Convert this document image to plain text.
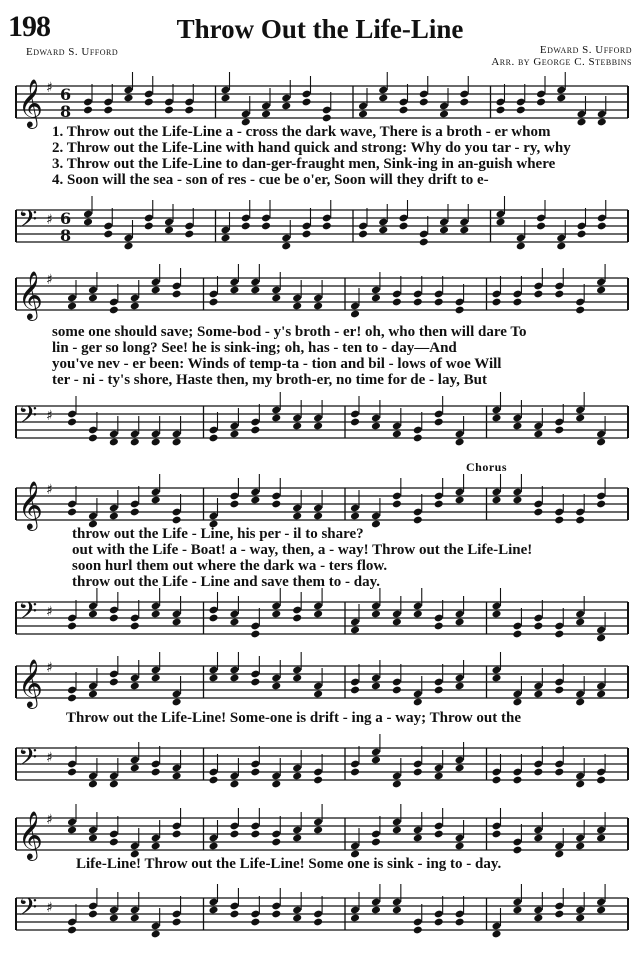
198	Throw Out the Life-Line
Edward S. Ufford	Edward S. Ufford
Arr. by George C. Stebbins
𝄞 ♯ 6
8
1. Throw out the Life-Line a - cross the dark wave, There is a broth - er whom
2. Throw out the Life-Line with hand quick and strong: Why do you tar - ry, why
3. Throw out the Life-Line to dan-ger-fraught men, Sink-ing in an-guish where
4. Soon will the sea - son of res - cue be o'er, Soon will they drift to e-
𝄢 ♯ 6
8
𝄞 ♯
some one should save; Some-bod - y's broth - er! oh, who then will dare To
lin - ger so long? See! he is sink-ing; oh, has - ten to - day—And
you've nev - er been: Winds of temp-ta - tion and bil - lows of woe Will
ter - ni - ty's shore, Haste then, my broth-er, no time for de - lay, But
𝄢 ♯
Chorus
𝄞 ♯
throw out the Life - Line, his per - il to share?
out with the Life - Boat! a - way, then, a - way! Throw out the Life-Line!
soon hurl them out where the dark wa - ters flow.
throw out the Life - Line and save them to - day.
𝄢 ♯
𝄞 ♯
Throw out the Life-Line! Some-one is drift - ing a - way; Throw out the
𝄢 ♯
𝄞 ♯
Life-Line! Throw out the Life-Line! Some one is sink - ing to - day.
𝄢 ♯
